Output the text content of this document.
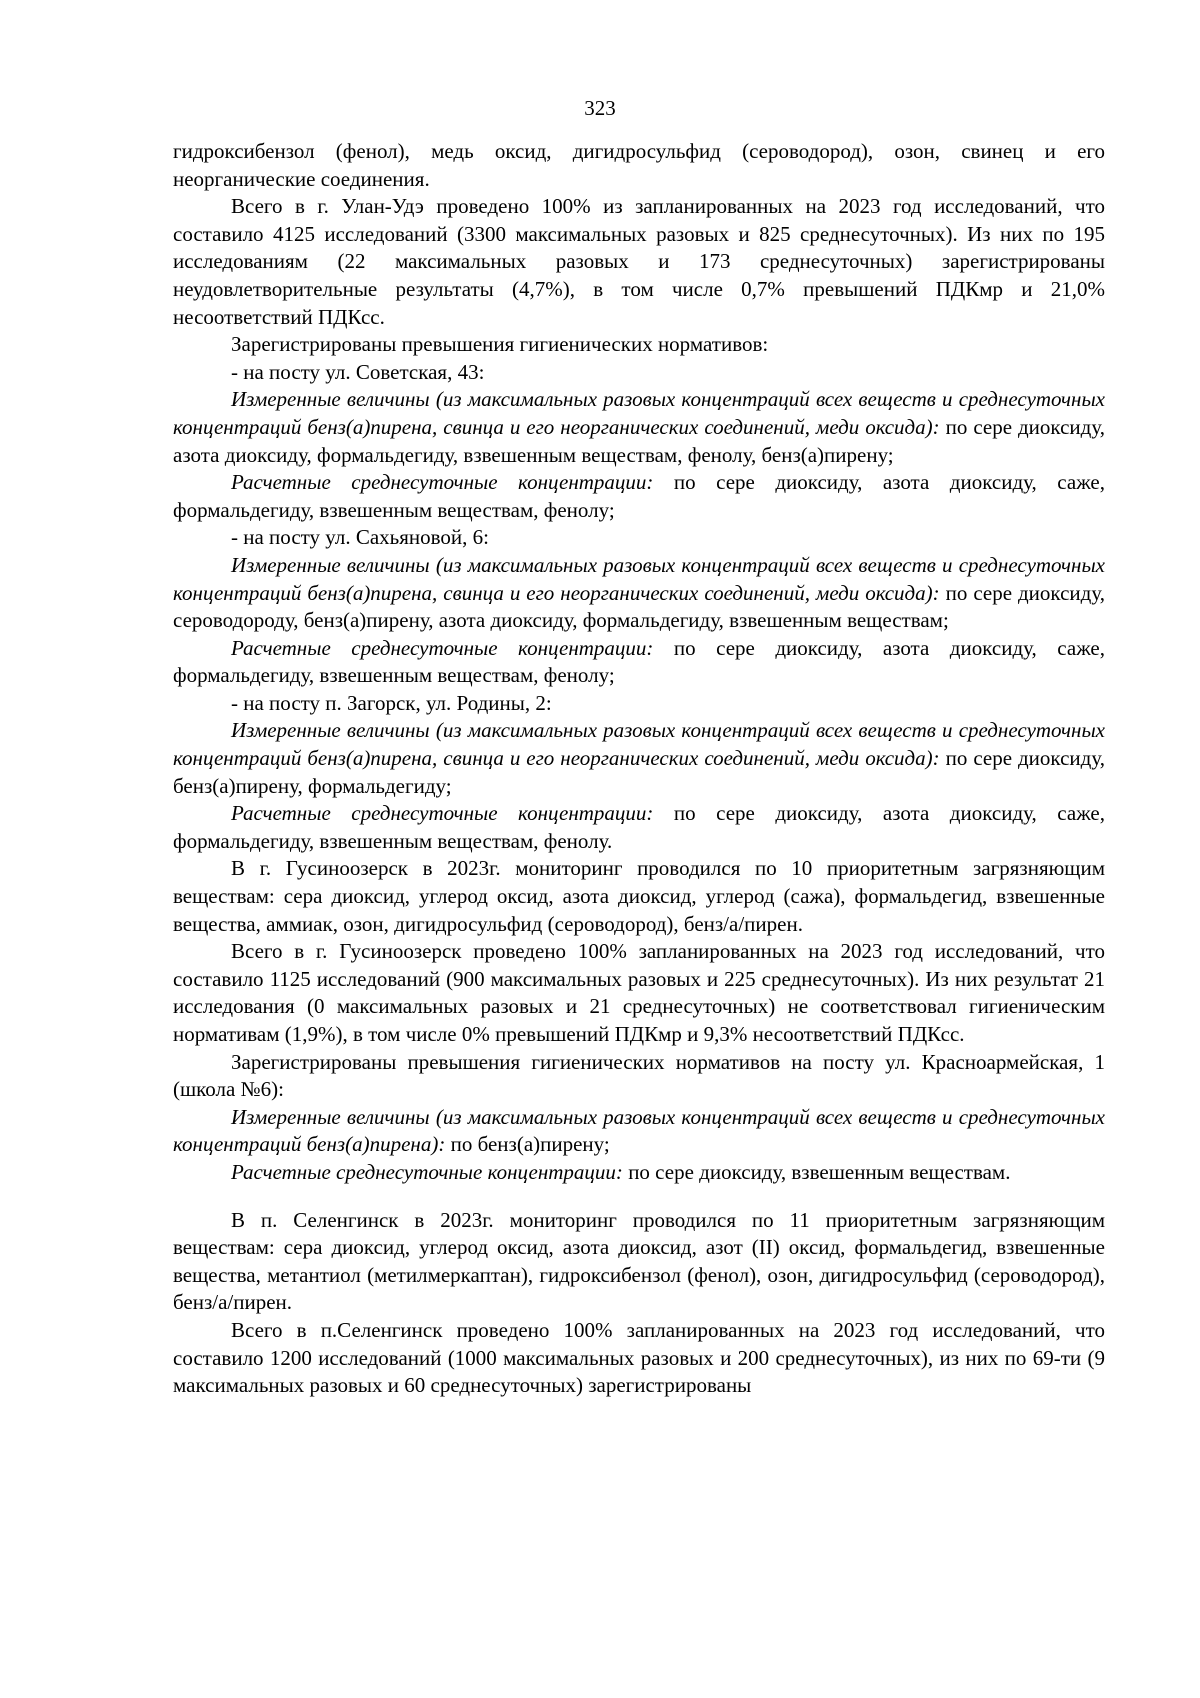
323

гидроксибензол (фенол), медь оксид, дигидросульфид (сероводород), озон, свинец и его неорганические соединения.

Всего в г. Улан-Удэ проведено 100% из запланированных на 2023 год исследований, что составило 4125 исследований (3300 максимальных разовых и 825 среднесуточных). Из них по 195 исследованиям (22 максимальных разовых и 173 среднесуточных) зарегистрированы неудовлетворительные результаты (4,7%), в том числе 0,7% превышений ПДКмр и 21,0% несоответствий ПДКсс.

Зарегистрированы превышения гигиенических нормативов:

- на посту ул. Советская, 43:

Измеренные величины (из максимальных разовых концентраций всех веществ и среднесуточных концентраций бенз(а)пирена, свинца и его неорганических соединений, меди оксида): по сере диоксиду, азота диоксиду, формальдегиду, взвешенным веществам, фенолу, бенз(а)пирену;

Расчетные среднесуточные концентрации: по сере диоксиду, азота диоксиду, саже, формальдегиду, взвешенным веществам, фенолу;

- на посту ул. Сахьяновой, 6:

Измеренные величины (из максимальных разовых концентраций всех веществ и среднесуточных концентраций бенз(а)пирена, свинца и его неорганических соединений, меди оксида): по сере диоксиду, сероводороду, бенз(а)пирену, азота диоксиду, формальдегиду, взвешенным веществам;

Расчетные среднесуточные концентрации: по сере диоксиду, азота диоксиду, саже, формальдегиду, взвешенным веществам, фенолу;

- на посту п. Загорск, ул. Родины, 2:

Измеренные величины (из максимальных разовых концентраций всех веществ и среднесуточных концентраций бенз(а)пирена, свинца и его неорганических соединений, меди оксида): по сере диоксиду, бенз(а)пирену, формальдегиду;

Расчетные среднесуточные концентрации: по сере диоксиду, азота диоксиду, саже, формальдегиду, взвешенным веществам, фенолу.

В г. Гусиноозерск в 2023г. мониторинг проводился по 10 приоритетным загрязняющим веществам: сера диоксид, углерод оксид, азота диоксид, углерод (сажа), формальдегид, взвешенные вещества, аммиак, озон, дигидросульфид (сероводород), бенз/а/пирен.

Всего в г. Гусиноозерск проведено 100% запланированных на 2023 год исследований, что составило 1125 исследований (900 максимальных разовых и 225 среднесуточных). Из них результат 21 исследования (0 максимальных разовых и 21 среднесуточных) не соответствовал гигиеническим нормативам (1,9%), в том числе 0% превышений ПДКмр и 9,3% несоответствий ПДКсс.

Зарегистрированы превышения гигиенических нормативов на посту ул. Красноармейская, 1 (школа №6):

Измеренные величины (из максимальных разовых концентраций всех веществ и среднесуточных концентраций бенз(а)пирена): по бенз(а)пирену;

Расчетные среднесуточные концентрации: по сере диоксиду, взвешенным веществам.

В п. Селенгинск в 2023г. мониторинг проводился по 11 приоритетным загрязняющим веществам: сера диоксид, углерод оксид, азота диоксид, азот (II) оксид, формальдегид, взвешенные вещества, метантиол (метилмеркаптан), гидроксибензол (фенол), озон, дигидросульфид (сероводород), бенз/а/пирен.

Всего в п.Селенгинск проведено 100% запланированных на 2023 год исследований, что составило 1200 исследований (1000 максимальных разовых и 200 среднесуточных), из них по 69-ти (9 максимальных разовых и 60 среднесуточных) зарегистрированы
